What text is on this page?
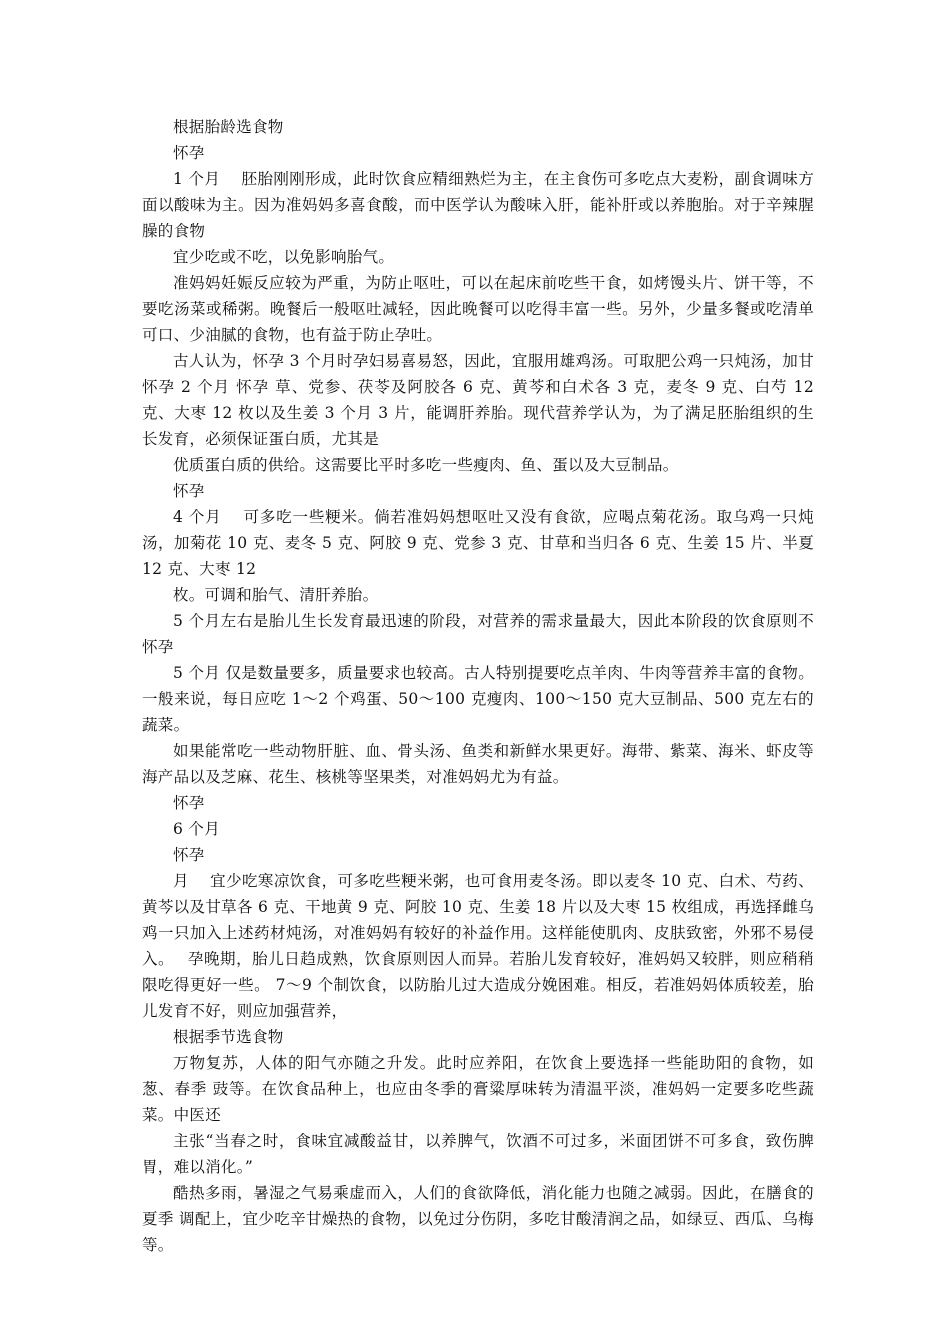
根据胎龄选食物

怀孕

1 个月　 胚胎刚刚形成，此时饮食应精细熟烂为主，在主食伤可多吃点大麦粉，副食调味方面以酸味为主。因为准妈妈多喜食酸，而中医学认为酸味入肝，能补肝或以养胞胎。对于辛辣腥臊的食物

宜少吃或不吃，以免影响胎气。

准妈妈妊娠反应较为严重，为防止呕吐，可以在起床前吃些干食，如烤馒头片、饼干等，不要吃汤菜或稀粥。晚餐后一般呕吐减轻，因此晚餐可以吃得丰富一些。另外，少量多餐或吃清单可口、少油腻的食物，也有益于防止孕吐。

古人认为，怀孕 3 个月时孕妇易喜易怒，因此，宜服用雄鸡汤。可取肥公鸡一只炖汤，加甘怀孕 2 个月 怀孕 草、党参、茯苓及阿胶各 6 克、黄芩和白术各 3 克，麦冬 9 克、白芍 12 克、大枣 12 枚以及生姜 3 个月 3 片，能调肝养胎。现代营养学认为，为了满足胚胎组织的生长发育，必须保证蛋白质，尤其是

优质蛋白质的供给。这需要比平时多吃一些瘦肉、鱼、蛋以及大豆制品。

怀孕

4 个月　 可多吃一些粳米。倘若准妈妈想呕吐又没有食欲，应喝点菊花汤。取乌鸡一只炖汤，加菊花 10 克、麦冬 5 克、阿胶 9 克、党参 3 克、甘草和当归各 6 克、生姜 15 片、半夏 12 克、大枣 12

枚。可调和胎气、清肝养胎。

5 个月左右是胎儿生长发育最迅速的阶段，对营养的需求量最大，因此本阶段的饮食原则不怀孕

5 个月 仅是数量要多，质量要求也较高。古人特别提要吃点羊肉、牛肉等营养丰富的食物。 一般来说，每日应吃 1～2 个鸡蛋、50～100 克瘦肉、100～150 克大豆制品、500 克左右的蔬菜。

如果能常吃一些动物肝脏、血、骨头汤、鱼类和新鲜水果更好。海带、紫菜、海米、虾皮等海产品以及芝麻、花生、核桃等坚果类，对准妈妈尤为有益。

怀孕

6 个月

怀孕

月　 宜少吃寒凉饮食，可多吃些粳米粥，也可食用麦冬汤。即以麦冬 10 克、白术、芍药、黄芩以及甘草各 6 克、干地黄 9 克、阿胶 10 克、生姜 18 片以及大枣 15 枚组成，再选择雌乌鸡一只加入上述药材炖汤，对准妈妈有较好的补益作用。这样能使肌肉、皮肤致密，外邪不易侵入。　 孕晚期，胎儿日趋成熟，饮食原则因人而异。若胎儿发育较好，准妈妈又较胖，则应稍稍限吃得更好一些。 7～9 个制饮食，以防胎儿过大造成分娩困难。相反，若准妈妈体质较差，胎儿发育不好，则应加强营养，

根据季节选食物

万物复苏，人体的阳气亦随之升发。此时应养阳，在饮食上要选择一些能助阳的食物，如葱、春季 豉等。在饮食品种上，也应由冬季的膏粱厚味转为清温平淡，准妈妈一定要多吃些蔬菜。中医还

主张“当春之时，食味宜减酸益甘，以养脾气，饮酒不可过多，米面团饼不可多食，致伤脾胃，难以消化。”

酷热多雨，暑湿之气易乘虚而入，人们的食欲降低，消化能力也随之减弱。因此，在膳食的夏季 调配上，宜少吃辛甘燥热的食物，以免过分伤阴，多吃甘酸清润之品，如绿豆、西瓜、乌梅等。
